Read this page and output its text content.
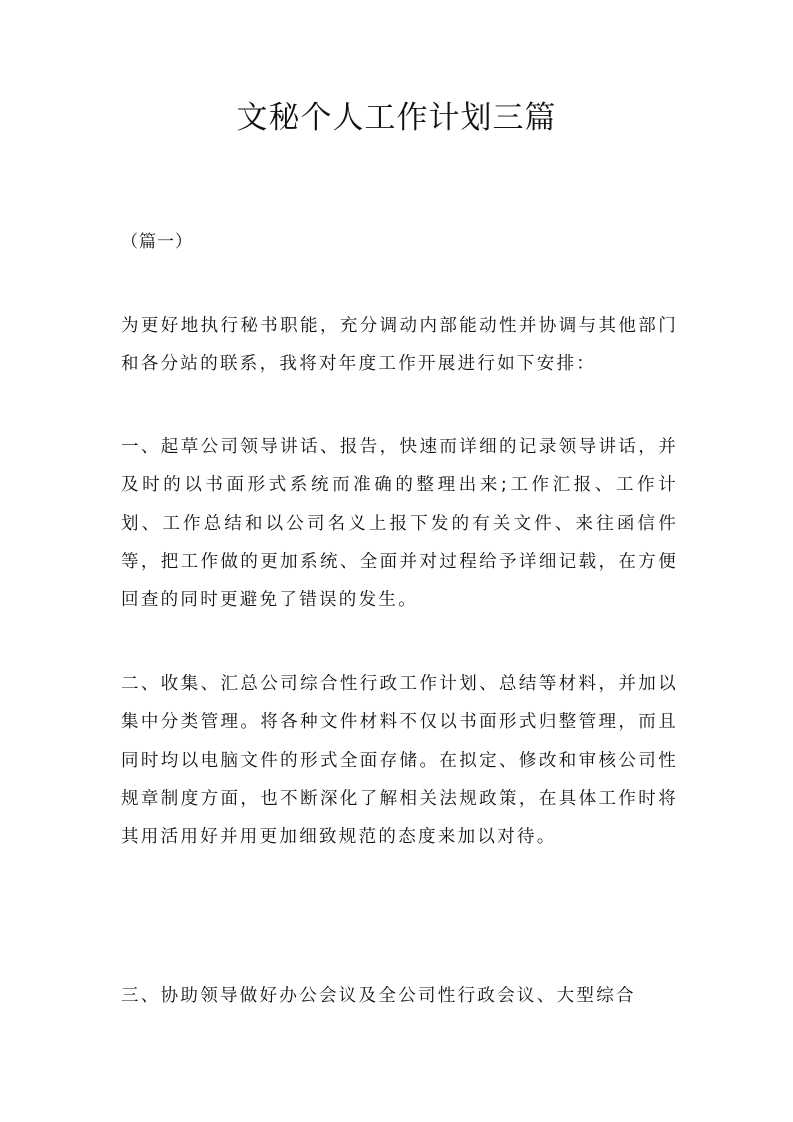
文秘个人工作计划三篇

（篇一）

为更好地执行秘书职能，充分调动内部能动性并协调与其他部门和各分站的联系，我将对年度工作开展进行如下安排：

一、起草公司领导讲话、报告，快速而详细的记录领导讲话，并及时的以书面形式系统而准确的整理出来;工作汇报、工作计划、工作总结和以公司名义上报下发的有关文件、来往函信件等，把工作做的更加系统、全面并对过程给予详细记载，在方便回查的同时更避免了错误的发生。

二、收集、汇总公司综合性行政工作计划、总结等材料，并加以集中分类管理。将各种文件材料不仅以书面形式归整管理，而且同时均以电脑文件的形式全面存储。在拟定、修改和审核公司性规章制度方面，也不断深化了解相关法规政策，在具体工作时将其用活用好并用更加细致规范的态度来加以对待。

三、协助领导做好办公会议及全公司性行政会议、大型综合
